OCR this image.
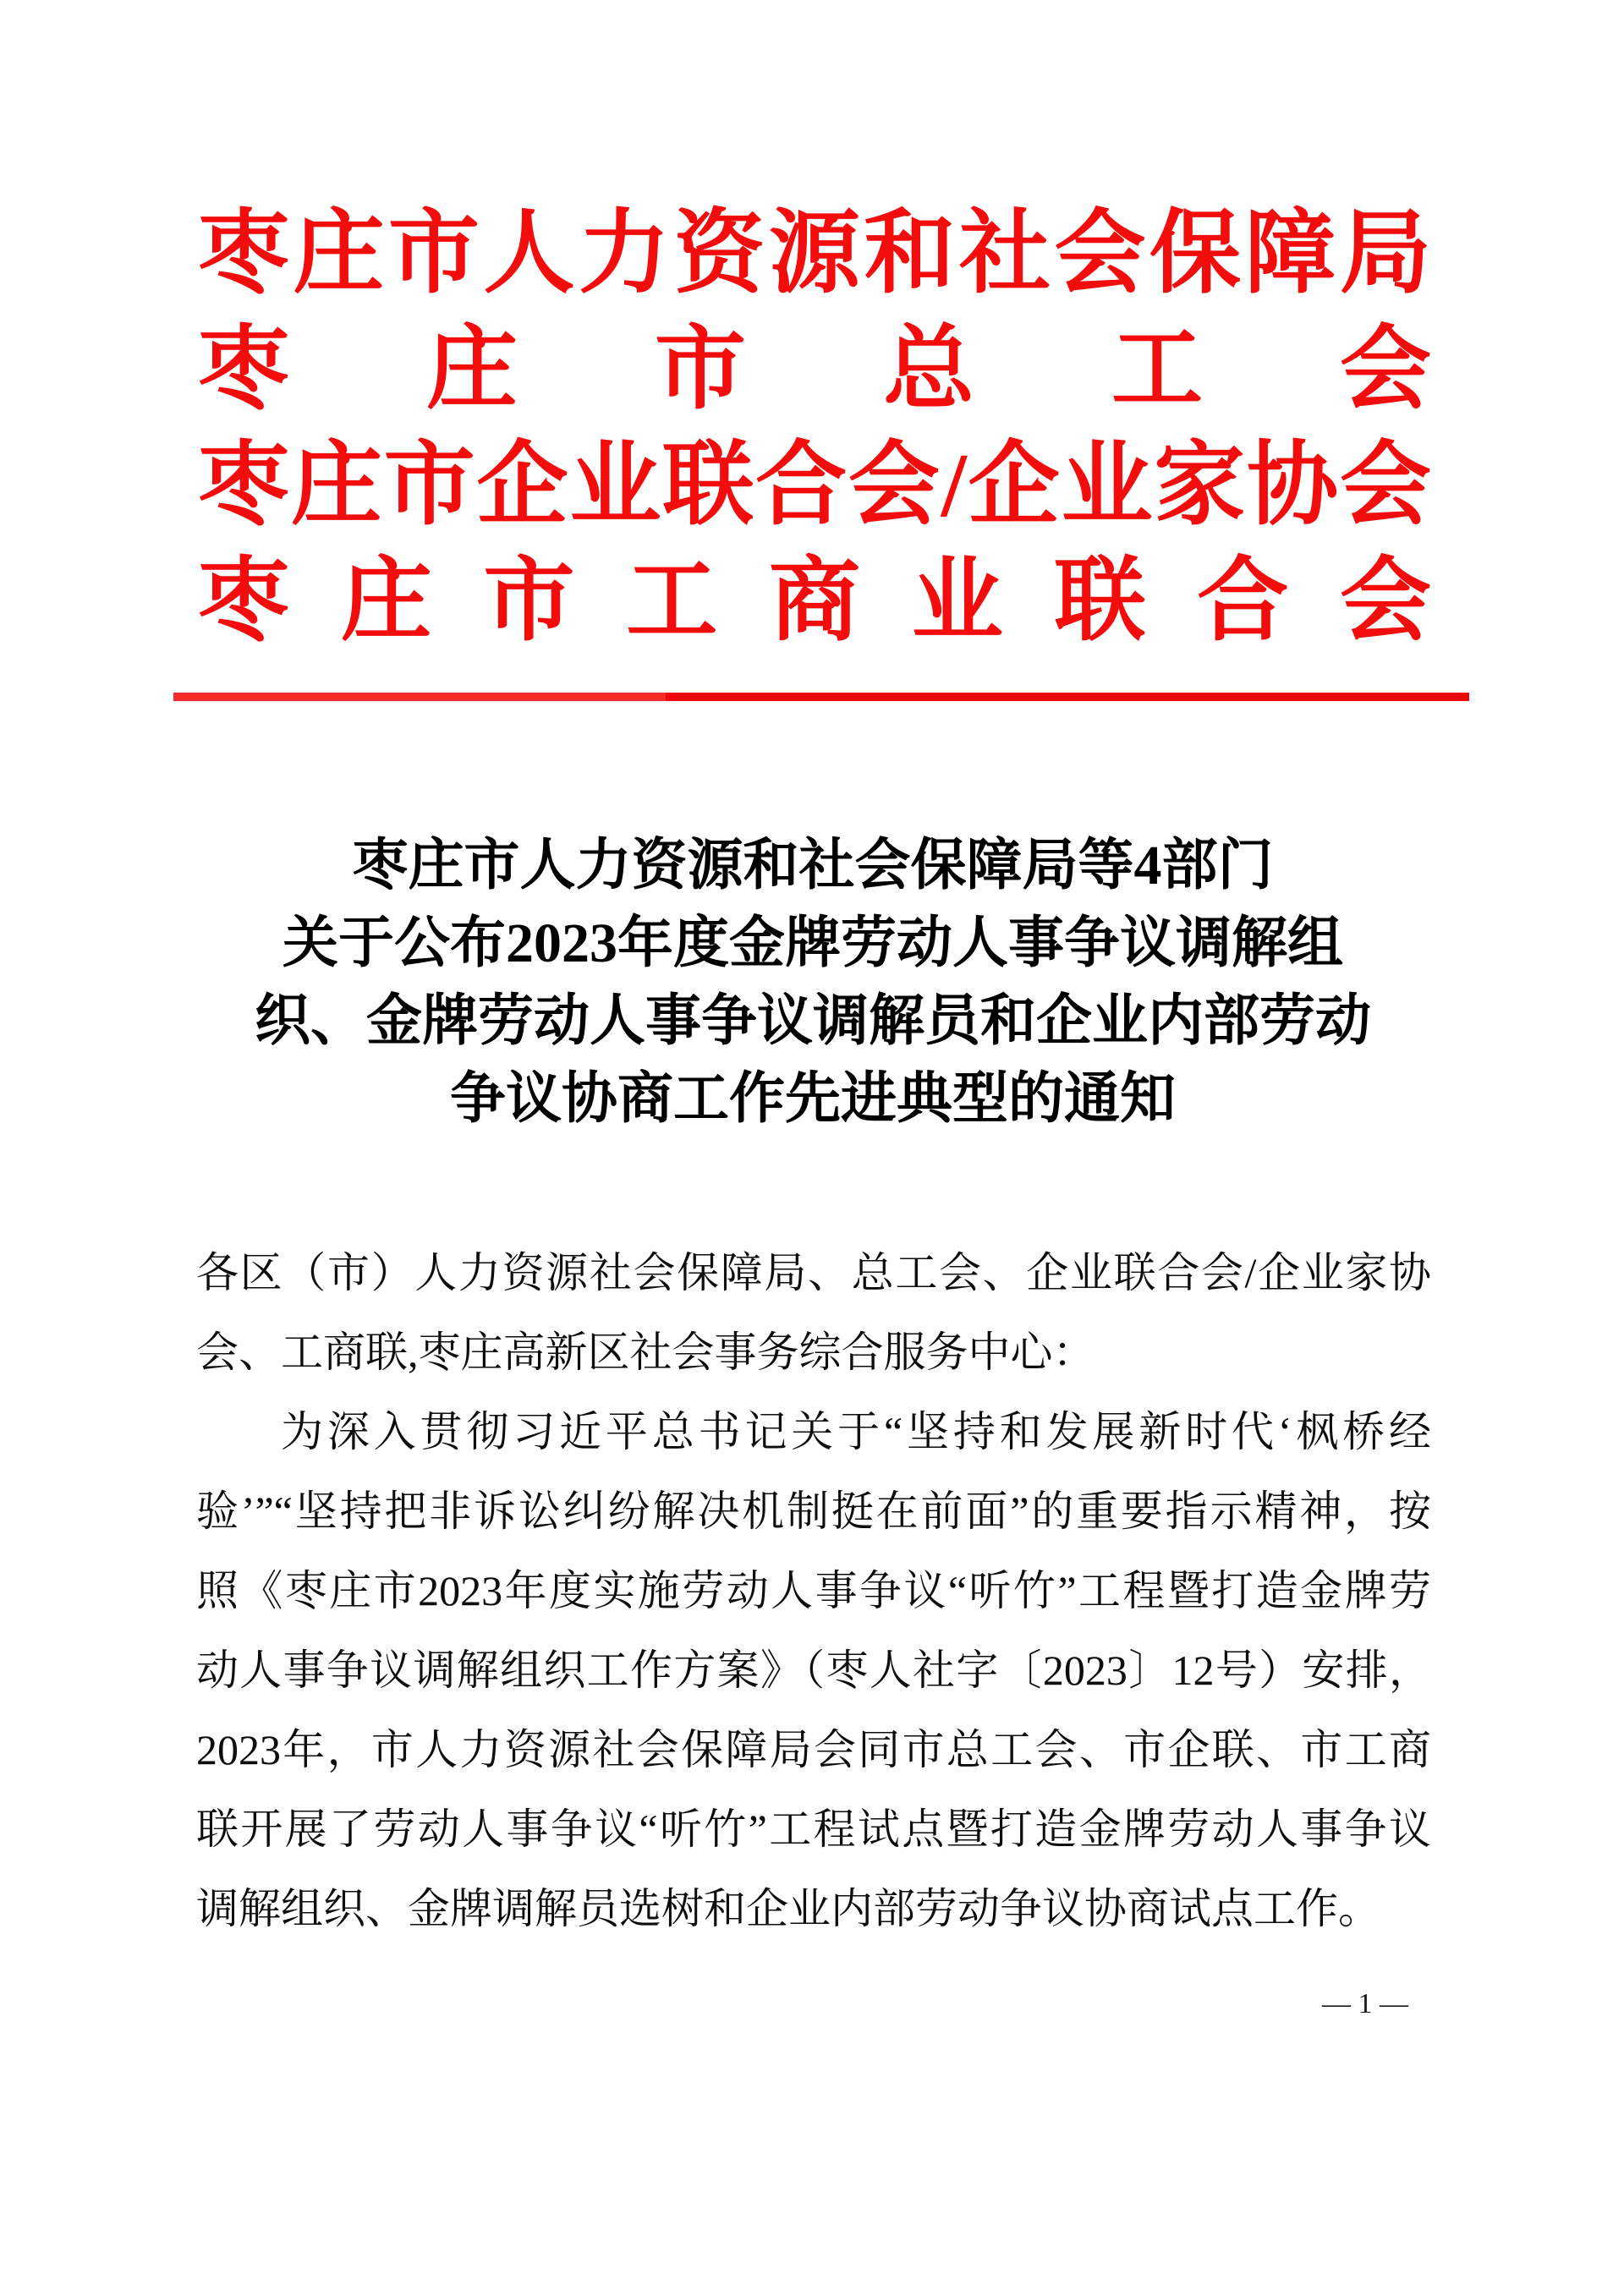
枣庄市人力资源和社会保障局
枣庄市总工会
枣庄市企业联合会/企业家协会
枣庄市工商业联合会
枣庄市人力资源和社会保障局等4部门
关于公布2023年度金牌劳动人事争议调解组
织、金牌劳动人事争议调解员和企业内部劳动
争议协商工作先进典型的通知

各区（市）人力资源社会保障局、总工会、企业联合会/企业家协

会、工商联,枣庄高新区社会事务综合服务中心：

为深入贯彻习近平总书记关于“坚持和发展新时代‘枫桥经

验’”“坚持把非诉讼纠纷解决机制挺在前面”的重要指示精神，按

照《枣庄市2023年度实施劳动人事争议“听竹”工程暨打造金牌劳

动人事争议调解组织工作方案》（枣人社字〔2023〕12号）安排，

2023年，市人力资源社会保障局会同市总工会、市企联、市工商

联开展了劳动人事争议“听竹”工程试点暨打造金牌劳动人事争议

调解组织、金牌调解员选树和企业内部劳动争议协商试点工作。

— 1 —
